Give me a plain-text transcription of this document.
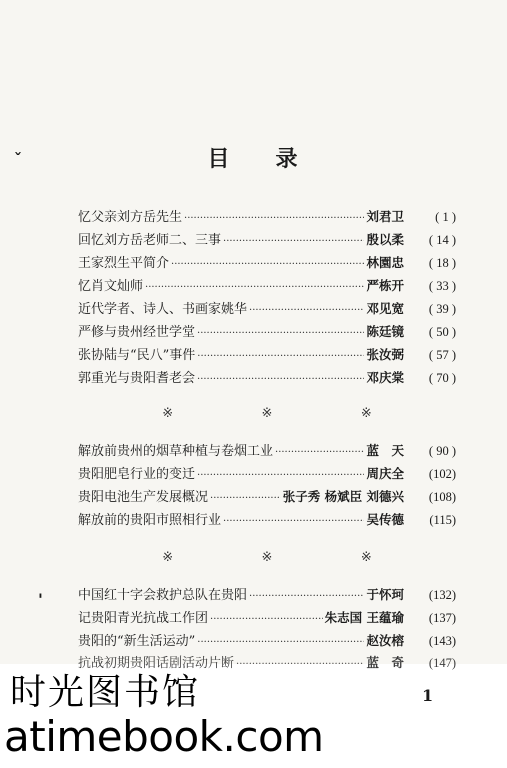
ˇ
'
目 录
忆父亲刘方岳先生 ·····	刘君卫	( 1 )
回忆刘方岳老师二、三事 ·····	殷以柔	( 14 )
王家烈生平简介 ·····	林園忠	( 18 )
忆肖文灿师 ·····	严栋开	( 33 )
近代学者、诗人、书画家姚华 ·····	邓见宽	( 39 )
严修与贵州经世学堂 ·····	陈廷镜	( 50 )
张协陆与“民八”事件 ·····	张汝弼	( 57 )
郭重光与贵阳耆老会 ·····	邓庆棠	( 70 )
※	※	※
解放前贵州的烟草种植与卷烟工业 ·····	蓝　天	( 90 )
贵阳肥皂行业的变迁 ·····	周庆全	(102)
贵阳电池生产发展概况 ·····	张子秀 杨斌臣 刘德兴	(108)
解放前的贵阳市照相行业 ·····	吴传德	(115)
※	※	※
中国红十字会救护总队在贵阳 ·····	于怀珂	(132)
记贵阳青光抗战工作团 ·····	朱志国 王蕴瑜	(137)
贵阳的“新生活运动” ·····	赵汝榕	(143)
抗战初期贵阳话剧活动片断 ·····	蓝　奇	(147)
时光图书馆
atimebook.com
1
